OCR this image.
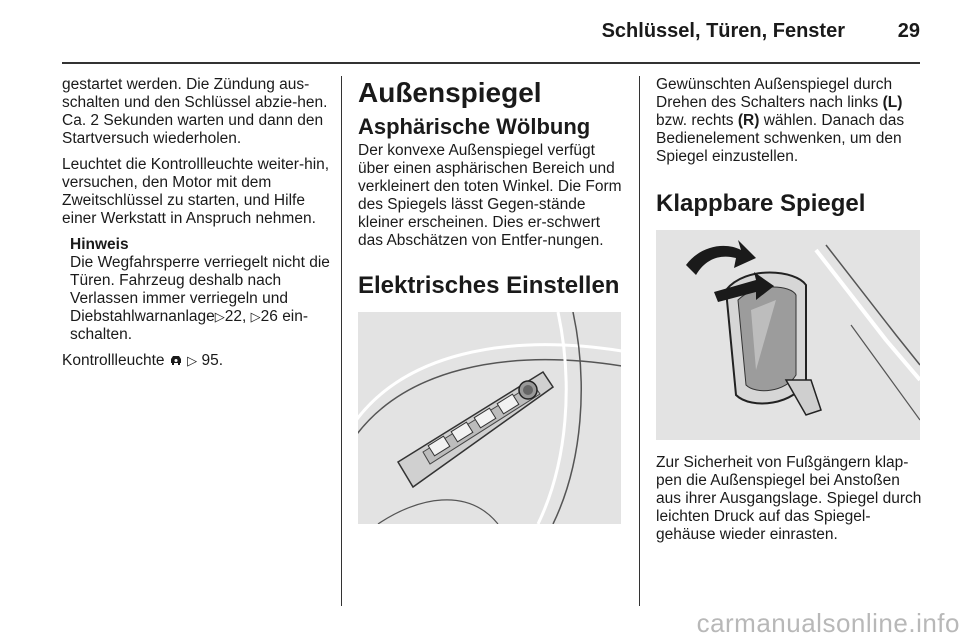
Schlüssel, Türen, Fenster	29

gestartet werden. Die Zündung aus-schalten und den Schlüssel abzie-hen. Ca. 2 Sekunden warten und dann den Startversuch wiederholen.

Leuchtet die Kontrollleuchte weiter-hin, versuchen, den Motor mit dem Zweitschlüssel zu starten, und Hilfe einer Werkstatt in Anspruch nehmen.

Hinweis

Die Wegfahrsperre verriegelt nicht die Türen. Fahrzeug deshalb nach Verlassen immer verriegeln und Diebstahlwarnanlage▷22, ▷26 ein-schalten.

Kontrollleuchte ▷ 95.

Außenspiegel
Asphärische Wölbung

Der konvexe Außenspiegel verfügt über einen asphärischen Bereich und verkleinert den toten Winkel. Die Form des Spiegels lässt Gegen-stände kleiner erscheinen. Dies er-schwert das Abschätzen von Entfer-nungen.

Elektrisches Einstellen

Gewünschten Außenspiegel durch Drehen des Schalters nach links (L) bzw. rechts (R) wählen. Danach das Bedienelement schwenken, um den Spiegel einzustellen.

Klappbare Spiegel

Zur Sicherheit von Fußgängern klap-pen die Außenspiegel bei Anstoßen aus ihrer Ausgangslage. Spiegel durch leichten Druck auf das Spiegel-gehäuse wieder einrasten.

carmanualsonline.info
